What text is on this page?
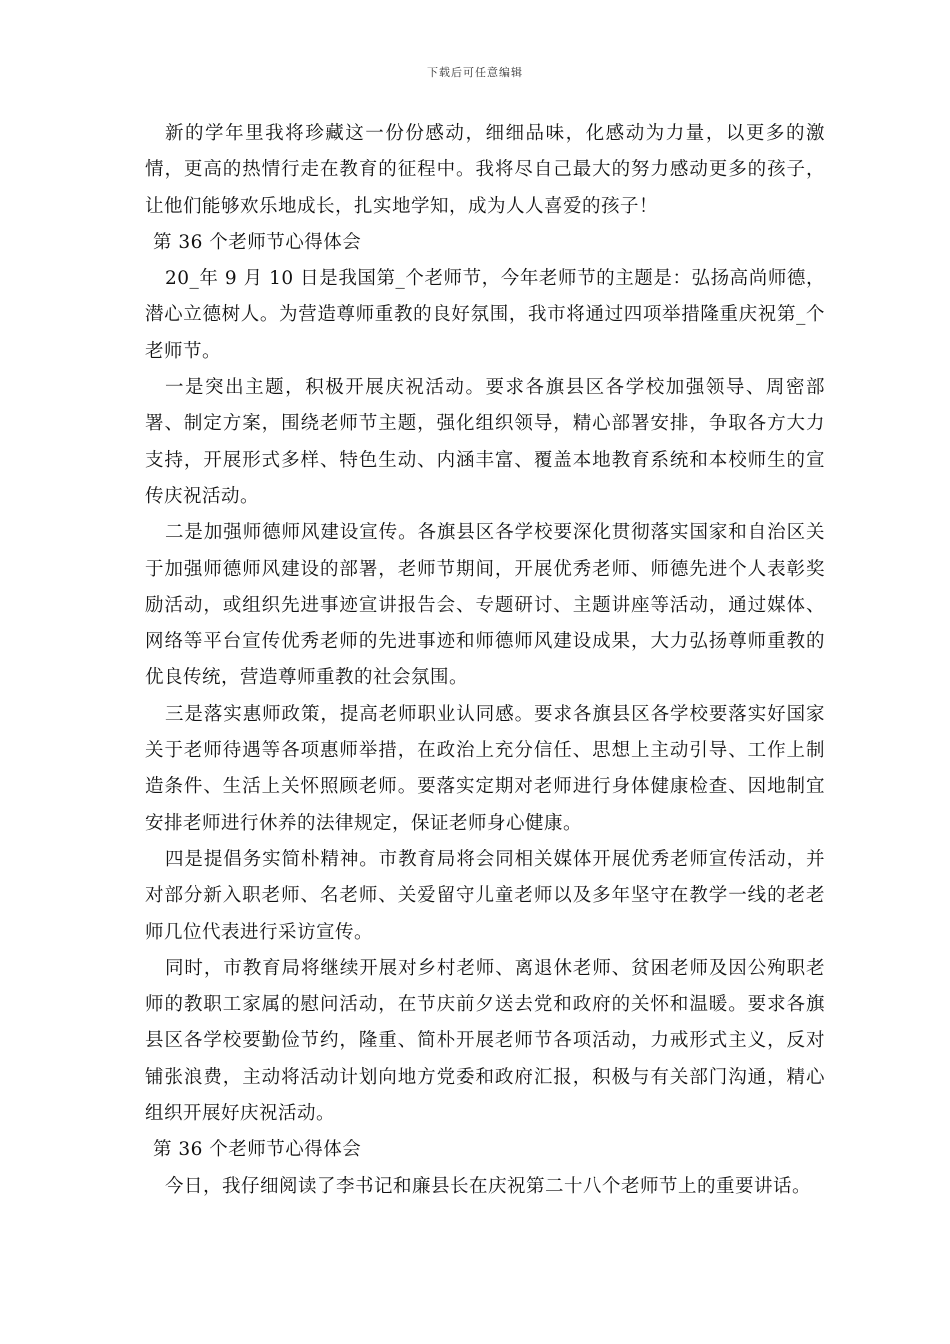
下载后可任意编辑

新的学年里我将珍藏这一份份感动，细细品味，化感动为力量，以更多的激情，更高的热情行走在教育的征程中。我将尽自己最大的努力感动更多的孩子，让他们能够欢乐地成长，扎实地学知，成为人人喜爱的孩子！

第 36 个老师节心得体会

20_年 9 月 10 日是我国第_个老师节，今年老师节的主题是：弘扬高尚师德，潜心立德树人。为营造尊师重教的良好氛围，我市将通过四项举措隆重庆祝第_个老师节。

一是突出主题，积极开展庆祝活动。要求各旗县区各学校加强领导、周密部署、制定方案，围绕老师节主题，强化组织领导，精心部署安排，争取各方大力支持，开展形式多样、特色生动、内涵丰富、覆盖本地教育系统和本校师生的宣传庆祝活动。

二是加强师德师风建设宣传。各旗县区各学校要深化贯彻落实国家和自治区关于加强师德师风建设的部署，老师节期间，开展优秀老师、师德先进个人表彰奖励活动，或组织先进事迹宣讲报告会、专题研讨、主题讲座等活动，通过媒体、网络等平台宣传优秀老师的先进事迹和师德师风建设成果，大力弘扬尊师重教的优良传统，营造尊师重教的社会氛围。

三是落实惠师政策，提高老师职业认同感。要求各旗县区各学校要落实好国家关于老师待遇等各项惠师举措，在政治上充分信任、思想上主动引导、工作上制造条件、生活上关怀照顾老师。要落实定期对老师进行身体健康检查、因地制宜安排老师进行休养的法律规定，保证老师身心健康。

四是提倡务实简朴精神。市教育局将会同相关媒体开展优秀老师宣传活动，并对部分新入职老师、名老师、关爱留守儿童老师以及多年坚守在教学一线的老老师几位代表进行采访宣传。

同时，市教育局将继续开展对乡村老师、离退休老师、贫困老师及因公殉职老师的教职工家属的慰问活动，在节庆前夕送去党和政府的关怀和温暖。要求各旗县区各学校要勤俭节约，隆重、简朴开展老师节各项活动，力戒形式主义，反对铺张浪费，主动将活动计划向地方党委和政府汇报，积极与有关部门沟通，精心组织开展好庆祝活动。

第 36 个老师节心得体会

今日，我仔细阅读了李书记和廉县长在庆祝第二十八个老师节上的重要讲话。
